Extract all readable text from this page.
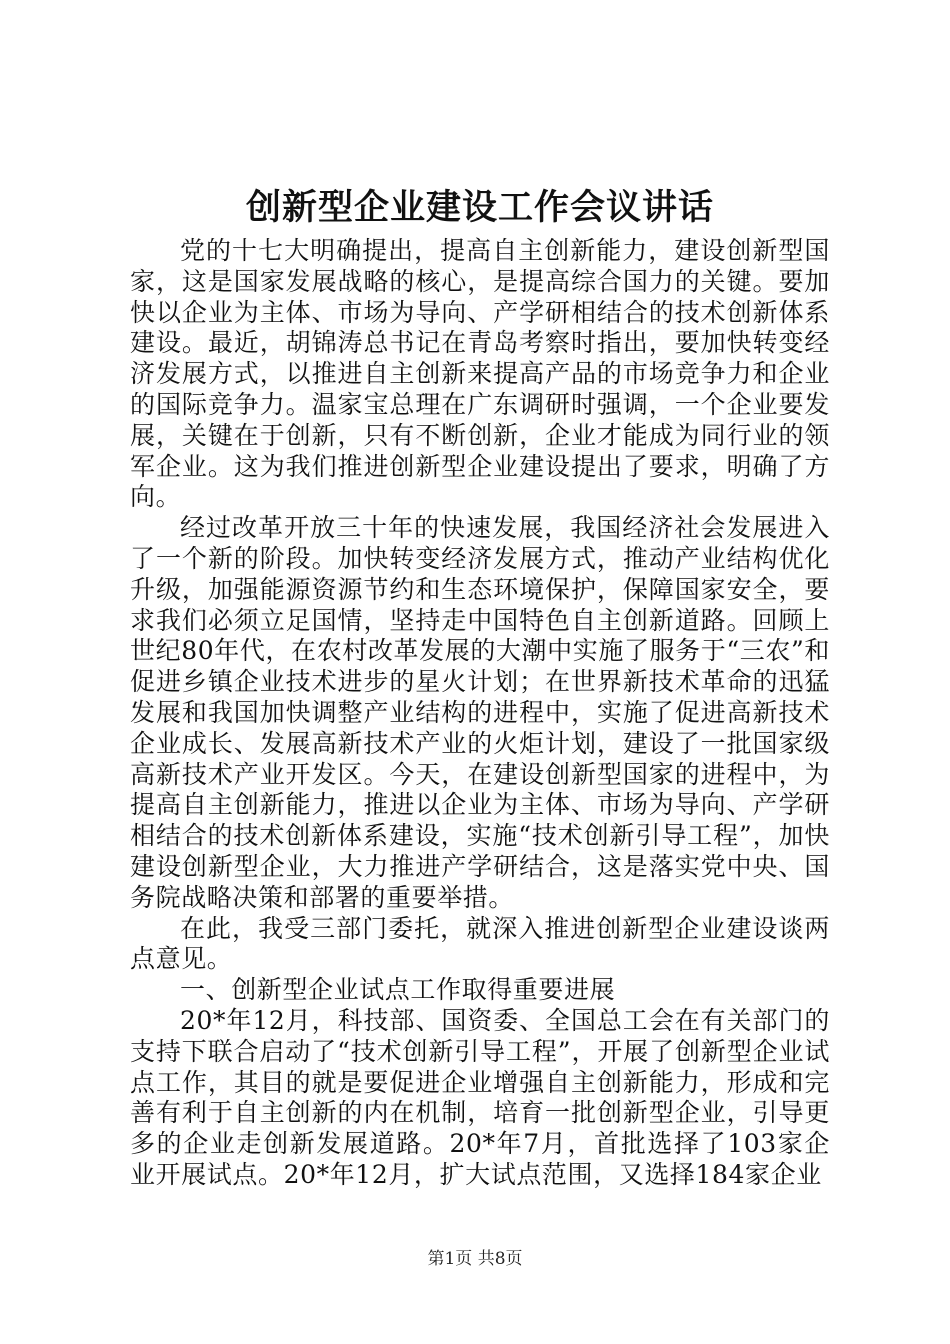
创新型企业建设工作会议讲话

党的十七大明确提出，提高自主创新能力，建设创新型国家，这是国家发展战略的核心，是提高综合国力的关键。要加快以企业为主体、市场为导向、产学研相结合的技术创新体系建设。最近，胡锦涛总书记在青岛考察时指出，要加快转变经济发展方式，以推进自主创新来提高产品的市场竞争力和企业的国际竞争力。温家宝总理在广东调研时强调，一个企业要发展，关键在于创新，只有不断创新，企业才能成为同行业的领军企业。这为我们推进创新型企业建设提出了要求，明确了方向。

经过改革开放三十年的快速发展，我国经济社会发展进入了一个新的阶段。加快转变经济发展方式，推动产业结构优化升级，加强能源资源节约和生态环境保护，保障国家安全，要求我们必须立足国情，坚持走中国特色自主创新道路。回顾上世纪80年代，在农村改革发展的大潮中实施了服务于“三农”和促进乡镇企业技术进步的星火计划；在世界新技术革命的迅猛发展和我国加快调整产业结构的进程中，实施了促进高新技术企业成长、发展高新技术产业的火炬计划，建设了一批国家级高新技术产业开发区。今天，在建设创新型国家的进程中，为提高自主创新能力，推进以企业为主体、市场为导向、产学研相结合的技术创新体系建设，实施“技术创新引导工程”，加快建设创新型企业，大力推进产学研结合，这是落实党中央、国务院战略决策和部署的重要举措。

在此，我受三部门委托，就深入推进创新型企业建设谈两点意见。

一、创新型企业试点工作取得重要进展

20*年12月，科技部、国资委、全国总工会在有关部门的支持下联合启动了“技术创新引导工程”，开展了创新型企业试点工作，其目的就是要促进企业增强自主创新能力，形成和完善有利于自主创新的内在机制，培育一批创新型企业，引导更多的企业走创新发展道路。20*年7月，首批选择了103家企业开展试点。20*年12月，扩大试点范围，又选择184家企业

第1页 共8页
